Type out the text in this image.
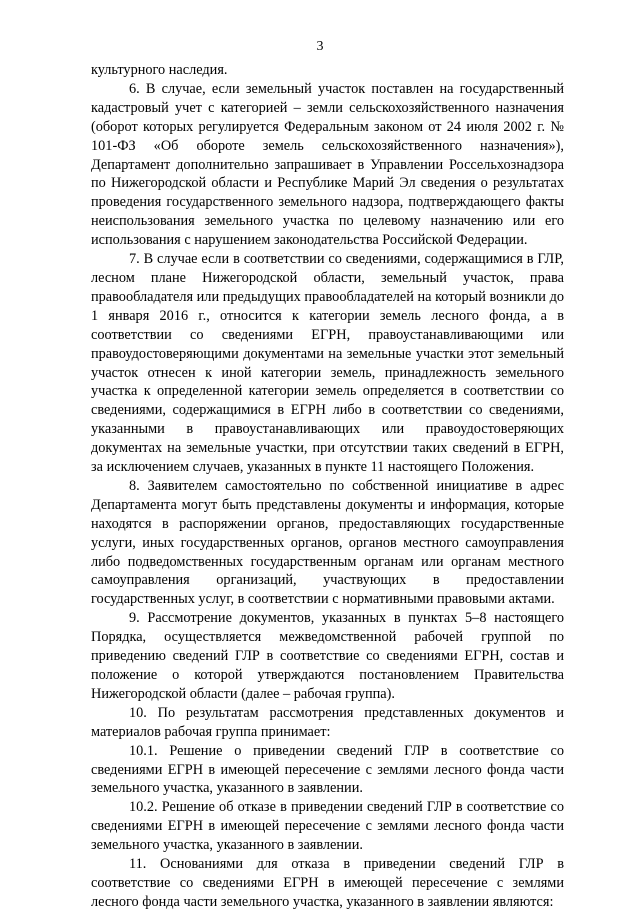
3

культурного наследия.

6. В случае, если земельный участок поставлен на государственный кадастровый учет с категорией – земли сельскохозяйственного назначения (оборот которых регулируется Федеральным законом от 24 июля 2002 г. № 101-ФЗ «Об обороте земель сельскохозяйственного назначения»), Департамент дополнительно запрашивает в Управлении Россельхознадзора по Нижегородской области и Республике Марий Эл сведения о результатах проведения государственного земельного надзора, подтверждающего факты неиспользования земельного участка по целевому назначению или его использования с нарушением законодательства Российской Федерации.

7. В случае если в соответствии со сведениями, содержащимися в ГЛР, лесном плане Нижегородской области, земельный участок, права правообладателя или предыдущих правообладателей на который возникли до 1 января 2016 г., относится к категории земель лесного фонда, а в соответствии со сведениями ЕГРН, правоустанавливающими или правоудостоверяющими документами на земельные участки этот земельный участок отнесен к иной категории земель, принадлежность земельного участка к определенной категории земель определяется в соответствии со сведениями, содержащимися в ЕГРН либо в соответствии со сведениями, указанными в правоустанавливающих или правоудостоверяющих документах на земельные участки, при отсутствии таких сведений в ЕГРН, за исключением случаев, указанных в пункте 11 настоящего Положения.

8. Заявителем самостоятельно по собственной инициативе в адрес Департамента могут быть представлены документы и информация, которые находятся в распоряжении органов, предоставляющих государственные услуги, иных государственных органов, органов местного самоуправления либо подведомственных государственным органам или органам местного самоуправления организаций, участвующих в предоставлении государственных услуг, в соответствии с нормативными правовыми актами.

9. Рассмотрение документов, указанных в пунктах 5–8 настоящего Порядка, осуществляется межведомственной рабочей группой по приведению сведений ГЛР в соответствие со сведениями ЕГРН, состав и положение о которой утверждаются постановлением Правительства Нижегородской области (далее – рабочая группа).

10. По результатам рассмотрения представленных документов и материалов рабочая группа принимает:

10.1. Решение о приведении сведений ГЛР в соответствие со сведениями ЕГРН в имеющей пересечение с землями лесного фонда части земельного участка, указанного в заявлении.

10.2. Решение об отказе в приведении сведений ГЛР в соответствие со сведениями ЕГРН в имеющей пересечение с землями лесного фонда части земельного участка, указанного в заявлении.

11. Основаниями для отказа в приведении сведений ГЛР в соответствие со сведениями ЕГРН в имеющей пересечение с землями лесного фонда части земельного участка, указанного в заявлении являются:
